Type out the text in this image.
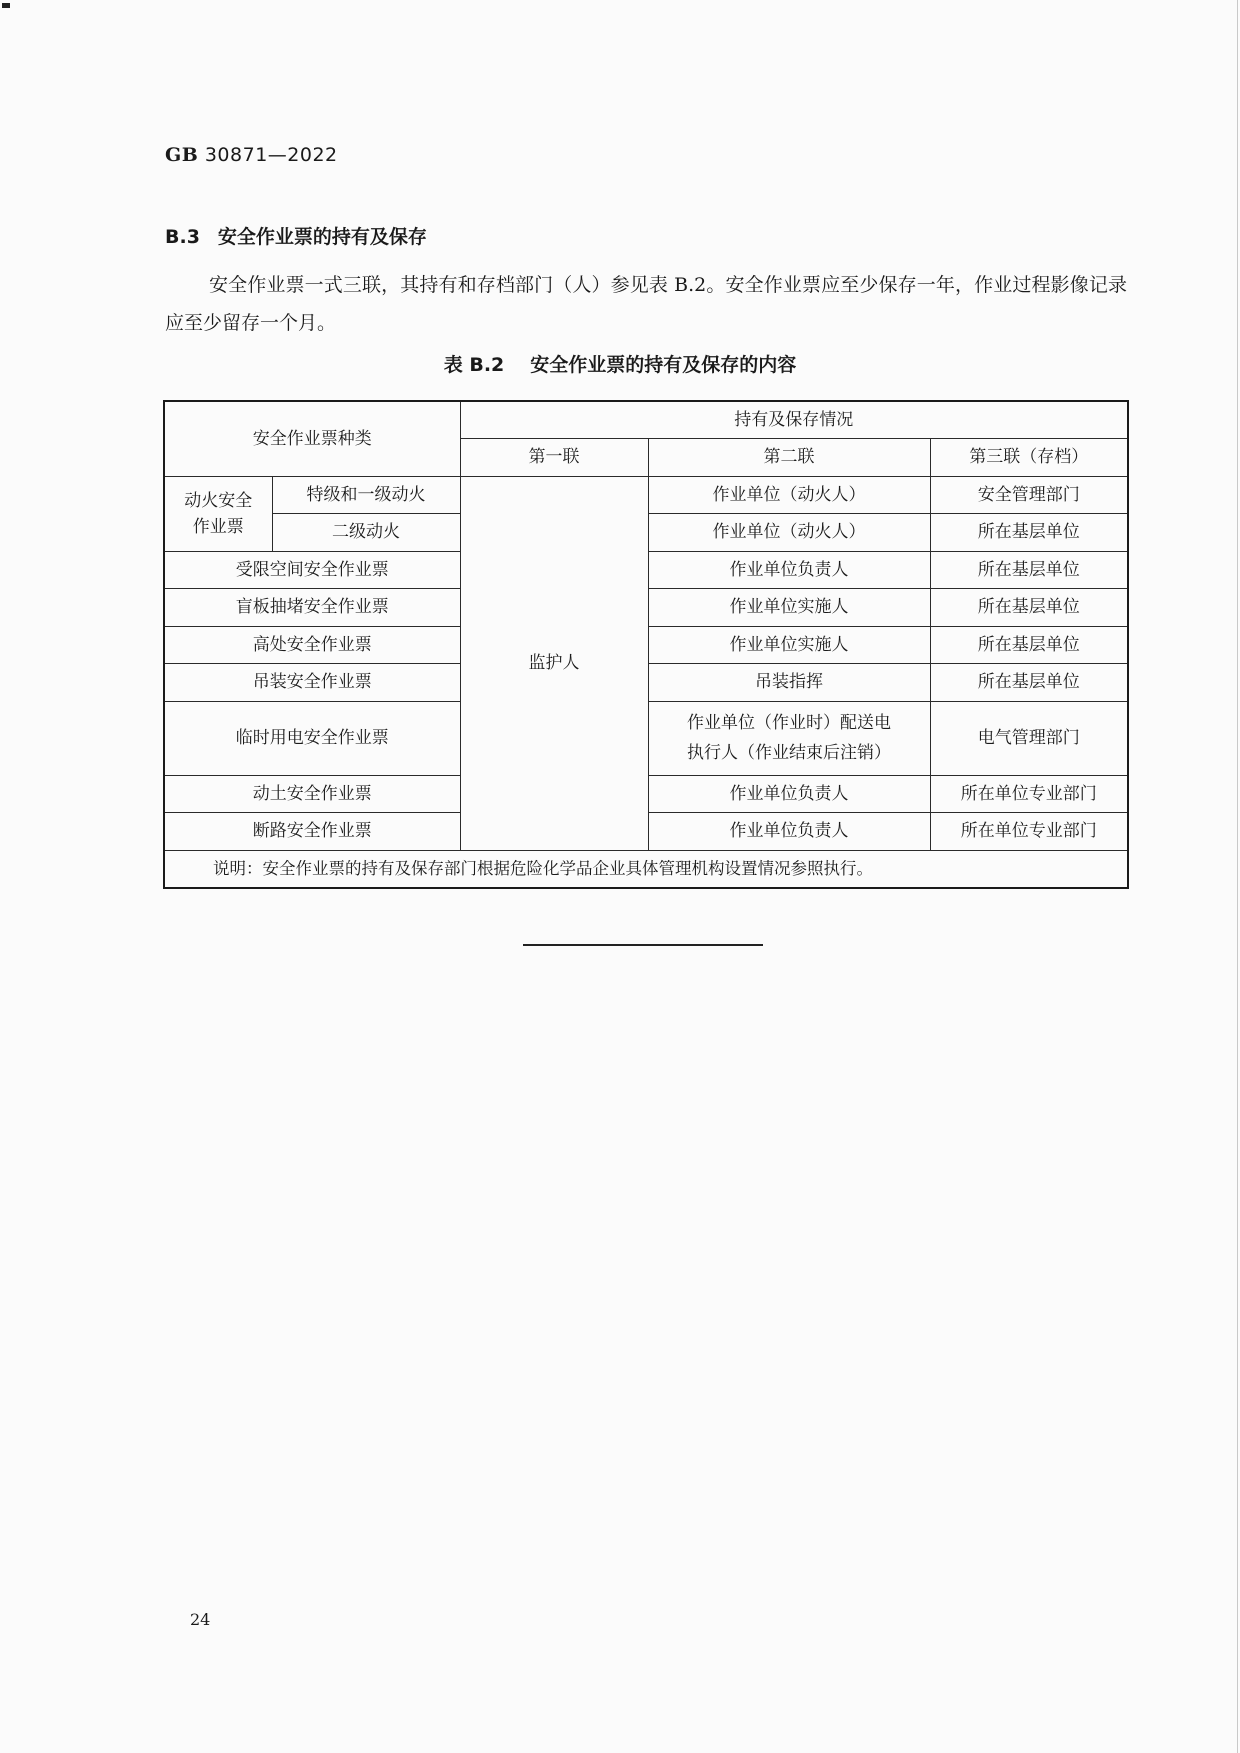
GB 30871—2022
B.3 安全作业票的持有及保存
安全作业票一式三联，其持有和存档部门（人）参见表 B.2。安全作业票应至少保存一年，作业过程影像记录应至少留存一个月。
表 B.2 安全作业票的持有及保存的内容
安全作业票种类		持有及保存情况		
		第一联	第二联	第三联（存档）
动火安全作业票	特级和一级动火	监护人	作业单位（动火人）	安全管理部门
	二级动火		作业单位（动火人）	所在基层单位
受限空间安全作业票			作业单位负责人	所在基层单位
盲板抽堵安全作业票			作业单位实施人	所在基层单位
高处安全作业票			作业单位实施人	所在基层单位
吊装安全作业票			吊装指挥	所在基层单位
临时用电安全作业票			作业单位（作业时）配送电执行人（作业结束后注销）	电气管理部门
动土安全作业票			作业单位负责人	所在单位专业部门
断路安全作业票			作业单位负责人	所在单位专业部门
说明：安全作业票的持有及保存部门根据危险化学品企业具体管理机构设置情况参照执行。				
24
